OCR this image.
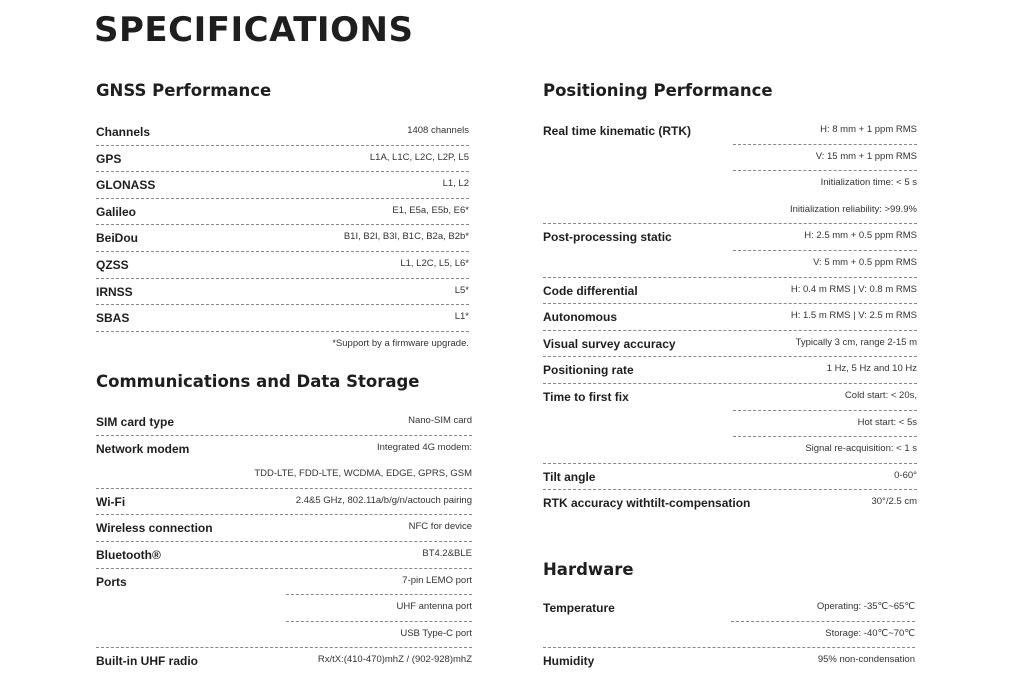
SPECIFICATIONS
GNSS Performance
Channels	1408 channels
GPS	L1A, L1C, L2C, L2P, L5
GLONASS	L1, L2
Galileo	E1, E5a, E5b, E6*
BeiDou	B1I, B2I, B3I, B1C, B2a, B2b*
QZSS	L1, L2C, L5, L6*
IRNSS	L5*
SBAS	L1*
*Support by a firmware upgrade.
Communications and Data Storage
SIM card type	Nano-SIM card
Network modem	Integrated 4G modem:
TDD-LTE, FDD-LTE, WCDMA, EDGE, GPRS, GSM
Wi-Fi	2.4&5 GHz, 802.11a/b/g/n/actouch pairing
Wireless connection	NFC for device
Bluetooth®	BT4.2&BLE
Ports	7-pin LEMO port
UHF antenna port
USB Type-C port
Built-in UHF radio	Rx/tX:(410-470)mhZ / (902-928)mhZ
Positioning Performance
Real time kinematic (RTK)	H: 8 mm + 1 ppm RMS
V: 15 mm + 1 ppm RMS
Initialization time: < 5 s
Initialization reliability: >99.9%
Post-processing static	H: 2.5 mm + 0.5 ppm RMS
V: 5 mm + 0.5 ppm RMS
Code differential	H: 0.4 m RMS | V: 0.8 m RMS
Autonomous	H: 1.5 m RMS | V: 2.5 m RMS
Visual survey accuracy	Typically 3 cm, range 2-15 m
Positioning rate	1 Hz, 5 Hz and 10 Hz
Time to first fix	Cold start: < 20s,
Hot start: < 5s
Signal re-acquisition: < 1 s
Tilt angle	0-60°
RTK accuracy withtilt-compensation	30°/2.5 cm
Hardware
Temperature	Operating: -35℃~65℃
Storage: -40℃~70℃
Humidity	95% non-condensation
